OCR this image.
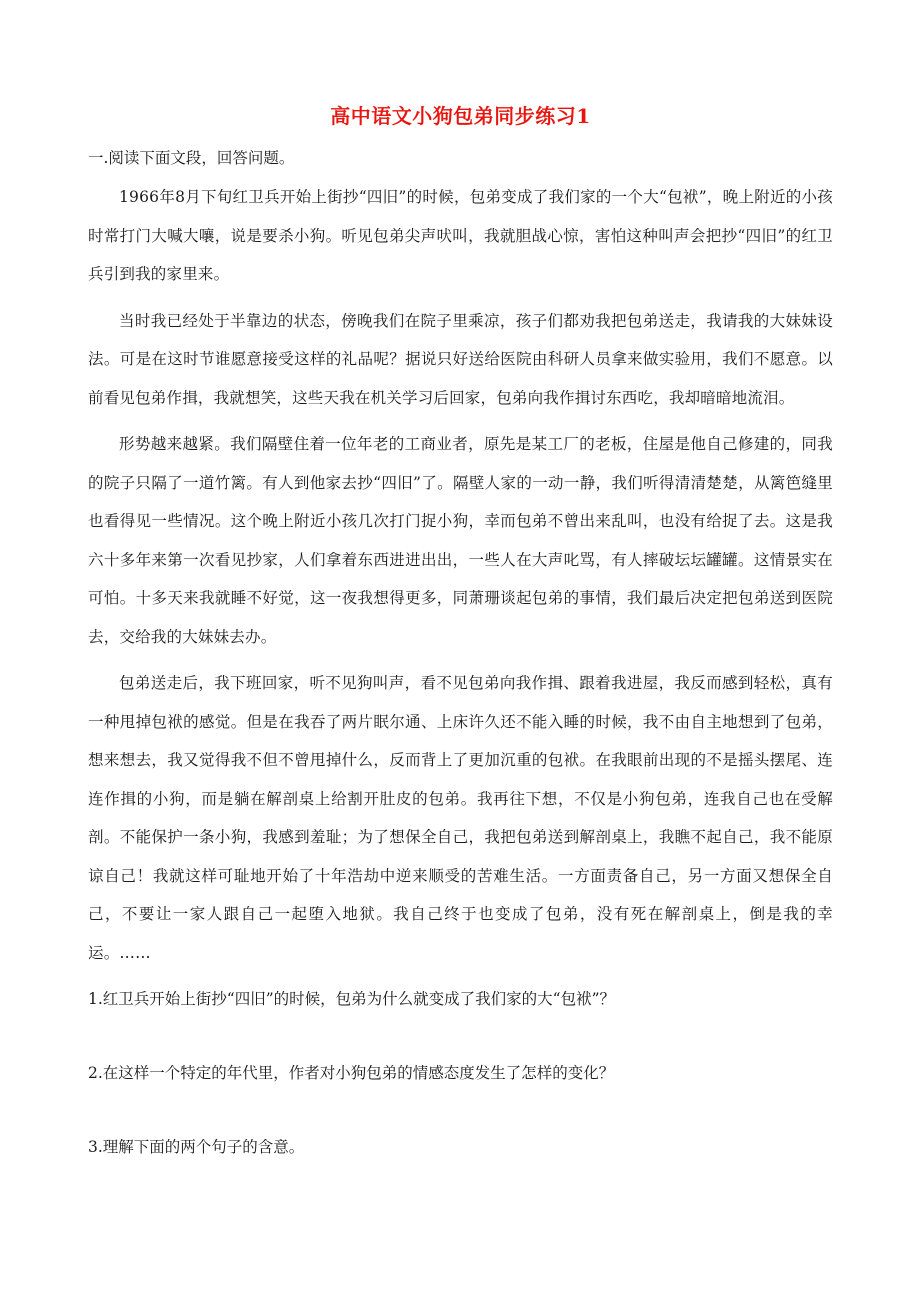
高中语文小狗包弟同步练习1

一.阅读下面文段，回答问题。

1966年8月下旬红卫兵开始上街抄“四旧”的时候，包弟变成了我们家的一个大“包袱”，晚上附近的小孩时常打门大喊大嚷，说是要杀小狗。听见包弟尖声吠叫，我就胆战心惊，害怕这种叫声会把抄“四旧”的红卫兵引到我的家里来。

当时我已经处于半靠边的状态，傍晚我们在院子里乘凉，孩子们都劝我把包弟送走，我请我的大妹妹设法。可是在这时节谁愿意接受这样的礼品呢？据说只好送给医院由科研人员拿来做实验用，我们不愿意。以前看见包弟作揖，我就想笑，这些天我在机关学习后回家，包弟向我作揖讨东西吃，我却暗暗地流泪。

形势越来越紧。我们隔壁住着一位年老的工商业者，原先是某工厂的老板，住屋是他自己修建的，同我的院子只隔了一道竹篱。有人到他家去抄“四旧”了。隔壁人家的一动一静，我们听得清清楚楚，从篱笆缝里也看得见一些情况。这个晚上附近小孩几次打门捉小狗，幸而包弟不曾出来乱叫，也没有给捉了去。这是我六十多年来第一次看见抄家，人们拿着东西进进出出，一些人在大声叱骂，有人摔破坛坛罐罐。这情景实在可怕。十多天来我就睡不好觉，这一夜我想得更多，同萧珊谈起包弟的事情，我们最后决定把包弟送到医院去，交给我的大妹妹去办。

包弟送走后，我下班回家，听不见狗叫声，看不见包弟向我作揖、跟着我进屋，我反而感到轻松，真有一种甩掉包袱的感觉。但是在我吞了两片眠尔通、上床许久还不能入睡的时候，我不由自主地想到了包弟，想来想去，我又觉得我不但不曾甩掉什么，反而背上了更加沉重的包袱。在我眼前出现的不是摇头摆尾、连连作揖的小狗，而是躺在解剖桌上给割开肚皮的包弟。我再往下想，不仅是小狗包弟，连我自己也在受解剖。不能保护一条小狗，我感到羞耻；为了想保全自己，我把包弟送到解剖桌上，我瞧不起自己，我不能原谅自己！我就这样可耻地开始了十年浩劫中逆来顺受的苦难生活。一方面责备自己，另一方面又想保全自己，不要让一家人跟自己一起堕入地狱。我自己终于也变成了包弟，没有死在解剖桌上，倒是我的幸运。……

1.红卫兵开始上街抄“四旧”的时候，包弟为什么就变成了我们家的大“包袱”？

2.在这样一个特定的年代里，作者对小狗包弟的情感态度发生了怎样的变化？

3.理解下面的两个句子的含意。
